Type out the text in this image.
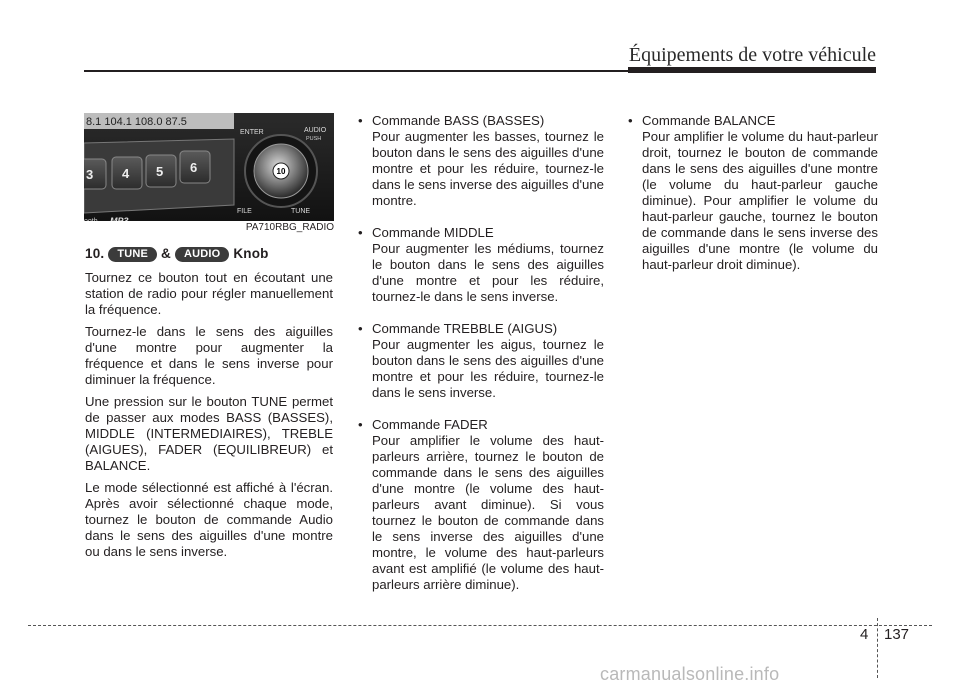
Équipements de votre véhicule
8.1 104.1 108.0 87.5
3 4 5 6
ENTER	AUDIO
PUSH
10
FILE	TUNE
PA710RBG_RADIO
10. TUNE & AUDIO Knob

Tournez ce bouton tout en écoutant une station de radio pour régler manuellement la fréquence.

Tournez-le dans le sens des aiguilles d'une montre pour augmenter la fréquence et dans le sens inverse pour diminuer la fréquence.

Une pression sur le bouton TUNE permet de passer aux modes BASS (BASSES), MIDDLE (INTERMEDIAIRES), TREBLE (AIGUES), FADER (EQUILIBREUR) et BALANCE.

Le mode sélectionné est affiché à l'écran. Après avoir sélectionné chaque mode, tournez le bouton de commande Audio dans le sens des aiguilles d'une montre ou dans le sens inverse.

• Commande BASS (BASSES)
Pour augmenter les basses, tournez le bouton dans le sens des aiguilles d'une montre et pour les réduire, tournez-le dans le sens inverse des aiguilles d'une montre.
• Commande MIDDLE
Pour augmenter les médiums, tournez le bouton dans le sens des aiguilles d'une montre et pour les réduire, tournez-le dans le sens inverse.
• Commande TREBBLE (AIGUS)
Pour augmenter les aigus, tournez le bouton dans le sens des aiguilles d'une montre et pour les réduire, tournez-le dans le sens inverse.
• Commande FADER
Pour amplifier le volume des haut-parleurs arrière, tournez le bouton de commande dans le sens des aiguilles d'une montre (le volume des haut-parleurs avant diminue). Si vous tournez le bouton de commande dans le sens inverse des aiguilles d'une montre, le volume des haut-parleurs avant est amplifié (le volume des haut-parleurs arrière diminue).
• Commande BALANCE
Pour amplifier le volume du haut-parleur droit, tournez le bouton de commande dans le sens des aiguilles d'une montre (le volume du haut-parleur gauche diminue). Pour amplifier le volume du haut-parleur gauche, tournez le bouton de commande dans le sens inverse des aiguilles d'une montre (le volume du haut-parleur droit diminue).
4 137
carmanualsonline.info
